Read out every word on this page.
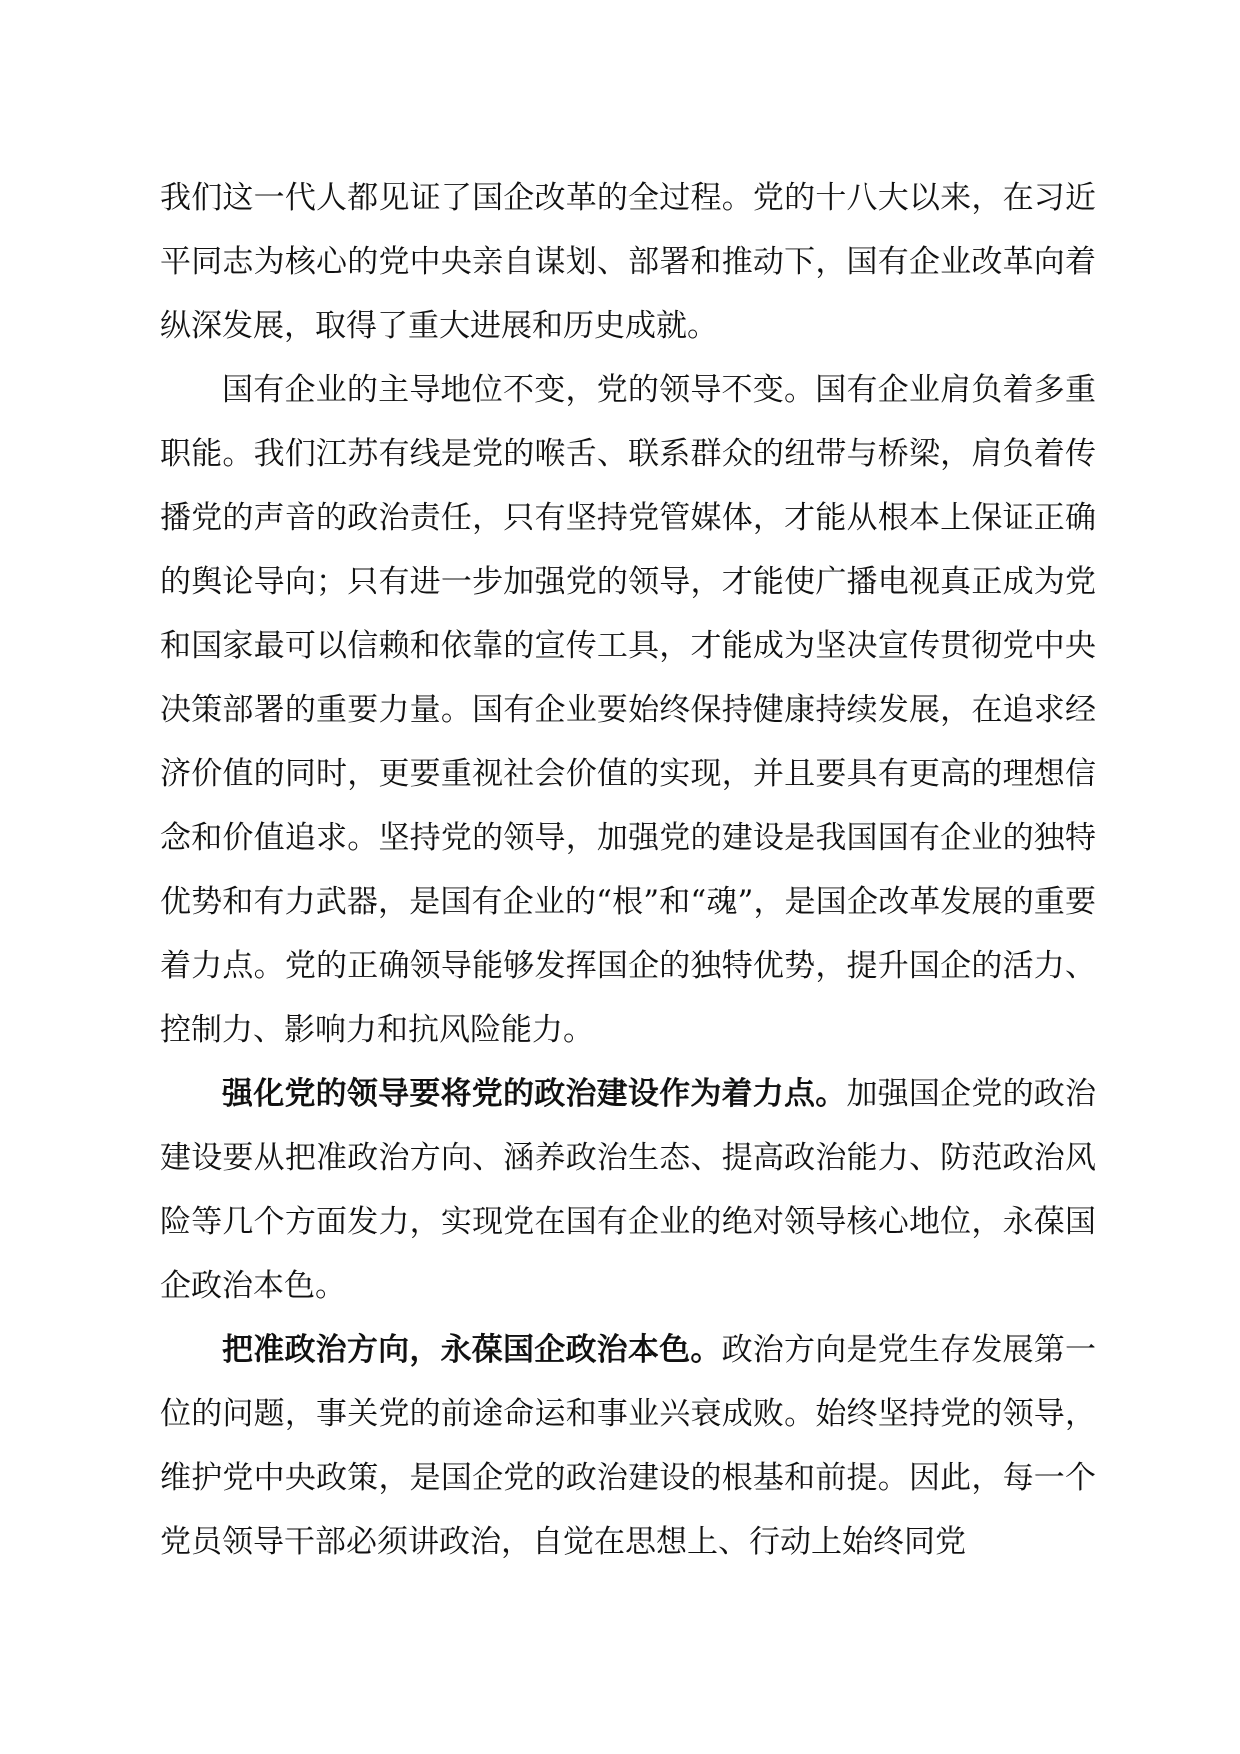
我们这一代人都见证了国企改革的全过程。党的十八大以来，在习近平同志为核心的党中央亲自谋划、部署和推动下，国有企业改革向着纵深发展，取得了重大进展和历史成就。

国有企业的主导地位不变，党的领导不变。国有企业肩负着多重职能。我们江苏有线是党的喉舌、联系群众的纽带与桥梁，肩负着传播党的声音的政治责任，只有坚持党管媒体，才能从根本上保证正确的舆论导向；只有进一步加强党的领导，才能使广播电视真正成为党和国家最可以信赖和依靠的宣传工具，才能成为坚决宣传贯彻党中央决策部署的重要力量。国有企业要始终保持健康持续发展，在追求经济价值的同时，更要重视社会价值的实现，并且要具有更高的理想信念和价值追求。坚持党的领导，加强党的建设是我国国有企业的独特优势和有力武器，是国有企业的“根”和“魂”，是国企改革发展的重要着力点。党的正确领导能够发挥国企的独特优势，提升国企的活力、控制力、影响力和抗风险能力。

强化党的领导要将党的政治建设作为着力点。加强国企党的政治建设要从把准政治方向、涵养政治生态、提高政治能力、防范政治风险等几个方面发力，实现党在国有企业的绝对领导核心地位，永葆国企政治本色。

把准政治方向，永葆国企政治本色。政治方向是党生存发展第一位的问题，事关党的前途命运和事业兴衰成败。始终坚持党的领导，维护党中央政策，是国企党的政治建设的根基和前提。因此，每一个党员领导干部必须讲政治，自觉在思想上、行动上始终同党
